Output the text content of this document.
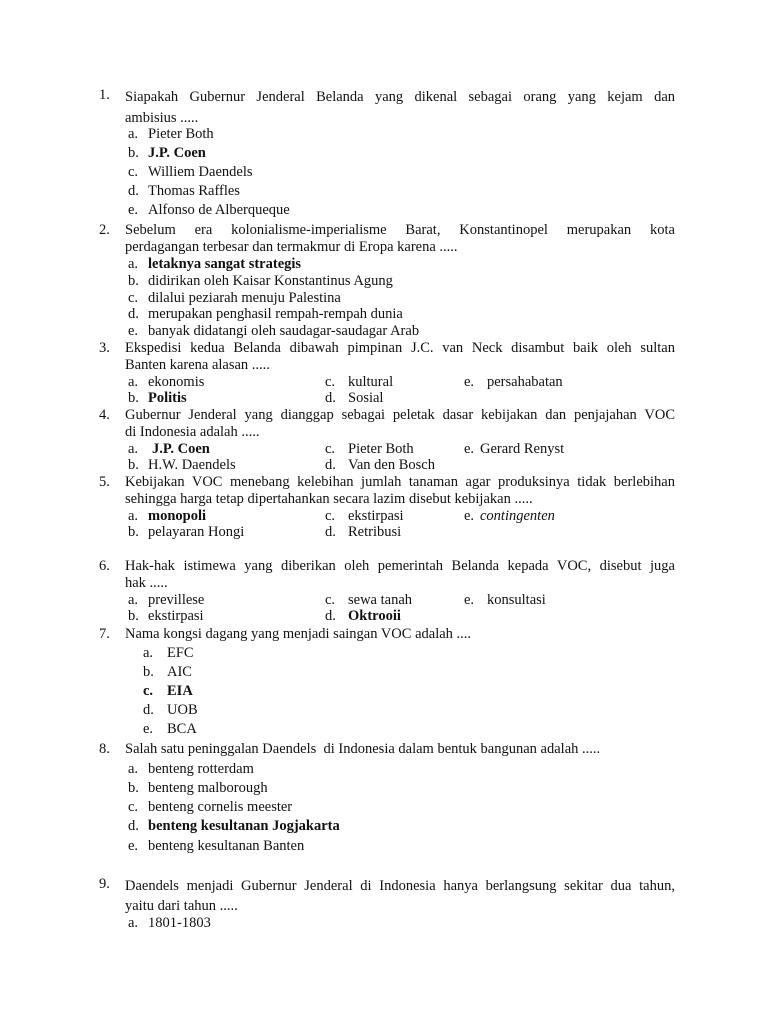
1.	Siapakah Gubernur Jenderal Belanda yang dikenal sebagai orang yang kejam dan
ambisius .....
a. Pieter Both
b. J.P. Coen
c. Williem Daendels
d. Thomas Raffles
e. Alfonso de Alberqueque
2.	Sebelum era kolonialisme-imperialisme Barat, Konstantinopel merupakan kota
perdagangan terbesar dan termakmur di Eropa karena .....
a. letaknya sangat strategis
b. didirikan oleh Kaisar Konstantinus Agung
c. dilalui peziarah menuju Palestina
d. merupakan penghasil rempah-rempah dunia
e. banyak didatangi oleh saudagar-saudagar Arab
3.	Ekspedisi kedua Belanda dibawah pimpinan J.C. van Neck disambut baik oleh sultan
Banten karena alasan .....
a. ekonomis
b. Politis
c. kultural
d. Sosial
e. persahabatan
4.	Gubernur Jenderal yang dianggap sebagai peletak dasar kebijakan dan penjajahan VOC
di Indonesia adalah .....
a. J.P. Coen
b. H.W. Daendels
c. Pieter Both
d. Van den Bosch
e. Gerard Renyst
5.	Kebijakan VOC menebang kelebihan jumlah tanaman agar produksinya tidak berlebihan
sehingga harga tetap dipertahankan secara lazim disebut kebijakan .....
a. monopoli
b. pelayaran Hongi
c. ekstirpasi
d. Retribusi
e. contingenten
6.	Hak-hak istimewa yang diberikan oleh pemerintah Belanda kepada VOC, disebut juga
hak .....
a. previllese
b. ekstirpasi
c. sewa tanah
d. Oktrooii
e. konsultasi
7.	Nama kongsi dagang yang menjadi saingan VOC adalah ....
a. EFC
b. AIC
c. EIA
d. UOB
e. BCA
8.	Salah satu peninggalan Daendels  di Indonesia dalam bentuk bangunan adalah .....
a. benteng rotterdam
b. benteng malborough
c. benteng cornelis meester
d. benteng kesultanan Jogjakarta
e. benteng kesultanan Banten
9.	Daendels menjadi Gubernur Jenderal di Indonesia hanya berlangsung sekitar dua tahun,
yaitu dari tahun .....
a. 1801-1803
